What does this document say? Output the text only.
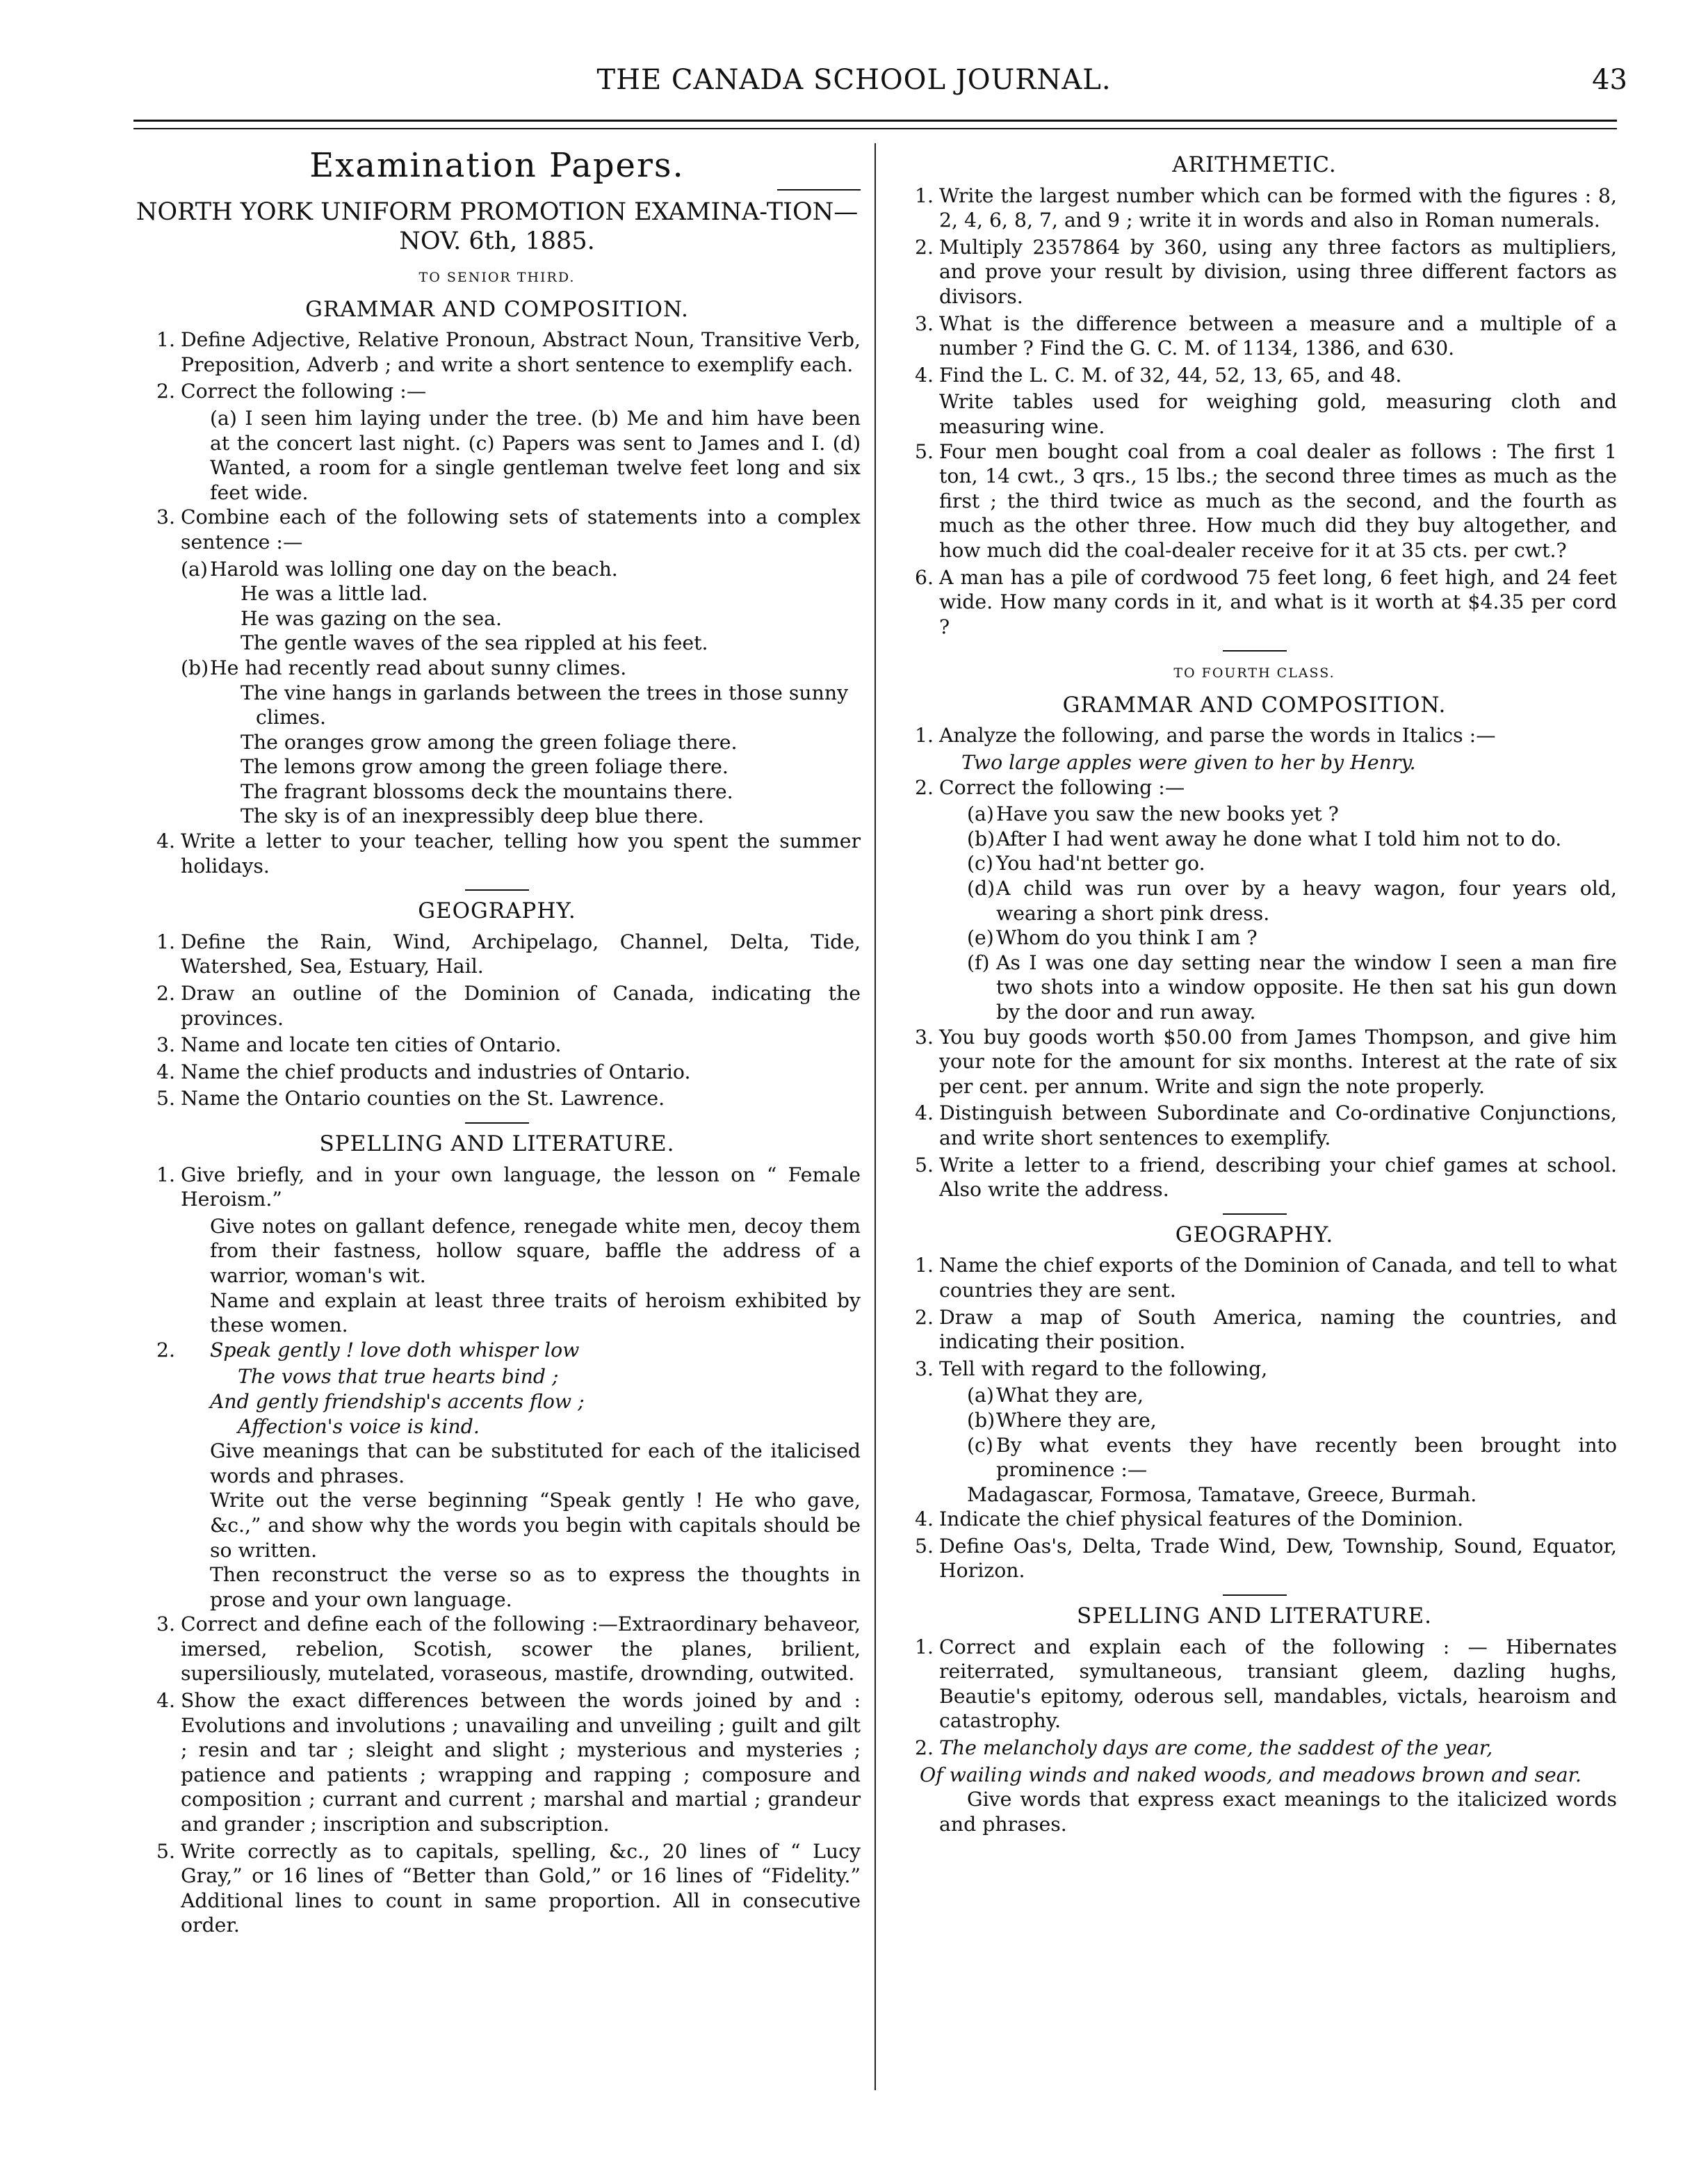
THE CANADA SCHOOL JOURNAL.	43
Examination Papers.
NORTH YORK UNIFORM PROMOTION EXAMINA-TION—NOV. 6th, 1885.
TO SENIOR THIRD.
GRAMMAR AND COMPOSITION.
1. Define Adjective, Relative Pronoun, Abstract Noun, Transitive Verb, Preposition, Adverb ; and write a short sentence to exemplify each.
2. Correct the following :—
(a) I seen him laying under the tree. (b) Me and him have been at the concert last night. (c) Papers was sent to James and I. (d) Wanted, a room for a single gentleman twelve feet long and six feet wide.
3. Combine each of the following sets of statements into a complex sentence :—
(a) Harold was lolling one day on the beach.
He was a little lad.
He was gazing on the sea.
The gentle waves of the sea rippled at his feet.
(b) He had recently read about sunny climes.
The vine hangs in garlands between the trees in those sunny climes.
The oranges grow among the green foliage there.
The lemons grow among the green foliage there.
The fragrant blossoms deck the mountains there.
The sky is of an inexpressibly deep blue there.
4. Write a letter to your teacher, telling how you spent the summer holidays.
GEOGRAPHY.
1. Define the Rain, Wind, Archipelago, Channel, Delta, Tide, Watershed, Sea, Estuary, Hail.
2. Draw an outline of the Dominion of Canada, indicating the provinces.
3. Name and locate ten cities of Ontario.
4. Name the chief products and industries of Ontario.
5. Name the Ontario counties on the St. Lawrence.
SPELLING AND LITERATURE.
1. Give briefly, and in your own language, the lesson on “ Female Heroism.”
Give notes on gallant defence, renegade white men, decoy them from their fastness, hollow square, baffle the address of a warrior, woman's wit.
Name and explain at least three traits of heroism exhibited by these women.
2.	Speak gently ! love doth whisper low
The vows that true hearts bind ;
And gently friendship's accents flow ;
Affection's voice is kind.
Give meanings that can be substituted for each of the italicised words and phrases.
Write out the verse beginning “Speak gently ! He who gave, &c.,” and show why the words you begin with capitals should be so written.
Then reconstruct the verse so as to express the thoughts in prose and your own language.
3. Correct and define each of the following :—Extraordinary behaveor, imersed, rebelion, Scotish, scower the planes, brilient, supersiliously, mutelated, voraseous, mastife, drownding, outwited.
4. Show the exact differences between the words joined by and : Evolutions and involutions ; unavailing and unveiling ; guilt and gilt ; resin and tar ; sleight and slight ; mysterious and mysteries ; patience and patients ; wrapping and rapping ; composure and composition ; currant and current ; marshal and martial ; grandeur and grander ; inscription and subscription.
5. Write correctly as to capitals, spelling, &c., 20 lines of “ Lucy Gray,” or 16 lines of “Better than Gold,” or 16 lines of “Fidelity.” Additional lines to count in same proportion. All in consecutive order.
ARITHMETIC.
1. Write the largest number which can be formed with the figures : 8, 2, 4, 6, 8, 7, and 9 ; write it in words and also in Roman numerals.
2. Multiply 2357864 by 360, using any three factors as multipliers, and prove your result by division, using three different factors as divisors.
3. What is the difference between a measure and a multiple of a number ? Find the G. C. M. of 1134, 1386, and 630.
4. Find the L. C. M. of 32, 44, 52, 13, 65, and 48.
Write tables used for weighing gold, measuring cloth and measuring wine.
5. Four men bought coal from a coal dealer as follows : The first 1 ton, 14 cwt., 3 qrs., 15 lbs.; the second three times as much as the first ; the third twice as much as the second, and the fourth as much as the other three. How much did they buy altogether, and how much did the coal-dealer receive for it at 35 cts. per cwt.?
6. A man has a pile of cordwood 75 feet long, 6 feet high, and 24 feet wide. How many cords in it, and what is it worth at $4.35 per cord ?
TO FOURTH CLASS.
GRAMMAR AND COMPOSITION.
1. Analyze the following, and parse the words in Italics :—
Two large apples were given to her by Henry.
2. Correct the following :—
(a) Have you saw the new books yet ?
(b) After I had went away he done what I told him not to do.
(c) You had'nt better go.
(d) A child was run over by a heavy wagon, four years old, wearing a short pink dress.
(e) Whom do you think I am ?
(f) As I was one day setting near the window I seen a man fire two shots into a window opposite. He then sat his gun down by the door and run away.
3. You buy goods worth $50.00 from James Thompson, and give him your note for the amount for six months. Interest at the rate of six per cent. per annum. Write and sign the note properly.
4. Distinguish between Subordinate and Co-ordinative Conjunctions, and write short sentences to exemplify.
5. Write a letter to a friend, describing your chief games at school. Also write the address.
GEOGRAPHY.
1. Name the chief exports of the Dominion of Canada, and tell to what countries they are sent.
2. Draw a map of South America, naming the countries, and indicating their position.
3. Tell with regard to the following,
(a) What they are,
(b) Where they are,
(c) By what events they have recently been brought into prominence :—
Madagascar, Formosa, Tamatave, Greece, Burmah.
4. Indicate the chief physical features of the Dominion.
5. Define Oas's, Delta, Trade Wind, Dew, Township, Sound, Equator, Horizon.
SPELLING AND LITERATURE.
1. Correct and explain each of the following : — Hibernates reiterrated, symultaneous, transiant gleem, dazling hughs, Beautie's epitomy, oderous sell, mandables, victals, hearoism and catastrophy.
2. The melancholy days are come, the saddest of the year,
Of wailing winds and naked woods, and meadows brown and sear.
Give words that express exact meanings to the italicized words and phrases.
